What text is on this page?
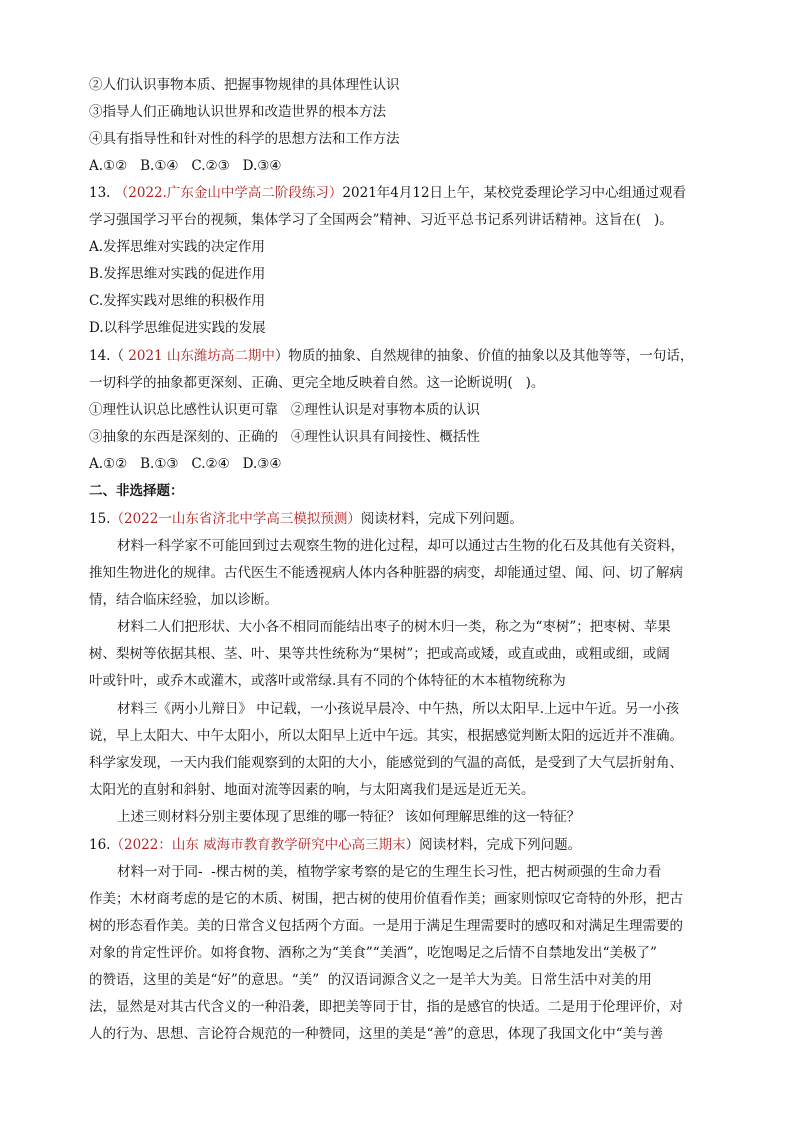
②人们认识事物本质、把握事物规律的具体理性认识
③指导人们正确地认识世界和改造世界的根本方法
④具有指导性和针对性的科学的思想方法和工作方法
A.①②   B.①④   C.②③   D.③④
13. （2022.广东金山中学高二阶段练习）2021年4月12日上午，某校党委理论学习中心组通过观看
学习强国学习平台的视频，集体学习了全国两会”精神、习近平总书记系列讲话精神。这旨在(   )。
A.发挥思维对实践的决定作用
B.发挥思维对实践的促进作用
C.发挥实践对思维的积极作用
D.以科学思维促进实践的发展
14.（ 2021 山东潍坊高二期中）物质的抽象、自然规律的抽象、价值的抽象以及其他等等，一句话，
一切科学的抽象都更深刻、正确、更完全地反映着自然。这一论断说明(   )。
①理性认识总比感性认识更可靠   ②理性认识是对事物本质的认识
③抽象的东西是深刻的、正确的   ④理性认识具有间接性、概括性
A.①②   B.①③   C.②④   D.③④
二、非选择题：
15.（2022一山东省济北中学高三模拟预测）阅读材料，完成下列问题。
材料一科学家不可能回到过去观察生物的进化过程，却可以通过古生物的化石及其他有关资料，
推知生物进化的规律。古代医生不能透视病人体内各种脏器的病变，却能通过望、闻、问、切了解病
情，结合临床经验，加以诊断。
材料二人们把形状、大小各不相同而能结出枣子的树木归一类，称之为“枣树”；把枣树、苹果
树、梨树等依据其根、茎、叶、果等共性统称为“果树”；把或高或矮，或直或曲，或粗或细，或阔
叶或针叶，或乔木或灌木，或落叶或常绿.具有不同的个体特征的木本植物统称为
材料三《两小儿辩日》 中记载，一小孩说早晨冷、中午热，所以太阳早.上远中午近。另一小孩
说，早上太阳大、中午太阳小，所以太阳早上近中午远。其实，根据感觉判断太阳的远近并不准确。
科学家发现，一天内我们能观察到的太阳的大小，能感觉到的气温的高低，是受到了大气层折射角、
太阳光的直射和斜射、地面对流等因素的响，与太阳离我们是远是近无关。
上述三则材料分别主要体现了思维的哪一特征？ 该如何理解思维的这一特征？
16.（2022：山东 威海市教育教学研究中心高三期末）阅读材料，完成下列问题。
材料一对于同-  -棵古树的美，植物学家考察的是它的生理生长习性，把古树顽强的生命力看
作美；木材商考虑的是它的木质、树围，把古树的使用价值看作美；画家则惊叹它奇特的外形，把古
树的形态看作美。美的日常含义包括两个方面。一是用于满足生理需要时的感叹和对满足生理需要的
对象的肯定性评价。如将食物、酒称之为“美食”“美酒”，吃饱喝足之后情不自禁地发出“美极了”
的赞语，这里的美是“好”的意思。“美”  的汉语词源含义之一是羊大为美。日常生活中对美的用
法，显然是对其古代含义的一种沿袭，即把美等同于甘，指的是感官的快适。二是用于伦理评价，对
人的行为、思想、言论符合规范的一种赞同，这里的美是“善”的意思，体现了我国文化中“美与善
